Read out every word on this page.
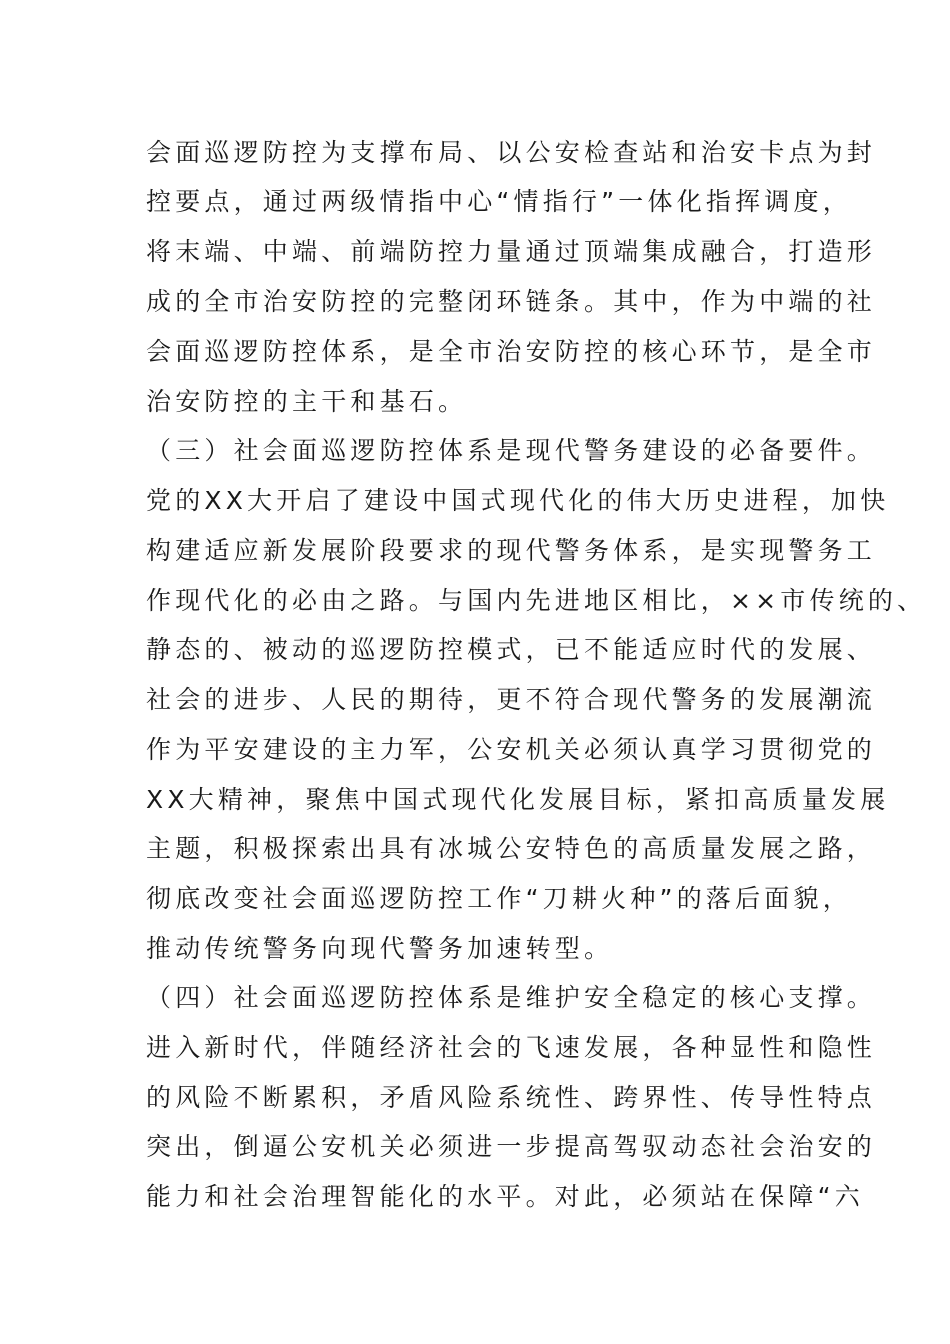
会面巡逻防控为支撑布局、以公安检查站和治安卡点为封
控要点，通过两级情指中心“情指行”一体化指挥调度，
将末端、中端、前端防控力量通过顶端集成融合，打造形
成的全市治安防控的完整闭环链条。其中，作为中端的社
会面巡逻防控体系，是全市治安防控的核心环节，是全市
治安防控的主干和基石。
（三）社会面巡逻防控体系是现代警务建设的必备要件。
党的XX大开启了建设中国式现代化的伟大历史进程，加快
构建适应新发展阶段要求的现代警务体系，是实现警务工
作现代化的必由之路。与国内先进地区相比，××市传统的、
静态的、被动的巡逻防控模式，已不能适应时代的发展、
社会的进步、人民的期待，更不符合现代警务的发展潮流
作为平安建设的主力军，公安机关必须认真学习贯彻党的
XX大精神，聚焦中国式现代化发展目标，紧扣高质量发展
主题，积极探索出具有冰城公安特色的高质量发展之路，
彻底改变社会面巡逻防控工作“刀耕火种”的落后面貌，
推动传统警务向现代警务加速转型。
（四）社会面巡逻防控体系是维护安全稳定的核心支撑。
进入新时代，伴随经济社会的飞速发展，各种显性和隐性
的风险不断累积，矛盾风险系统性、跨界性、传导性特点
突出，倒逼公安机关必须进一步提高驾驭动态社会治安的
能力和社会治理智能化的水平。对此，必须站在保障“六
